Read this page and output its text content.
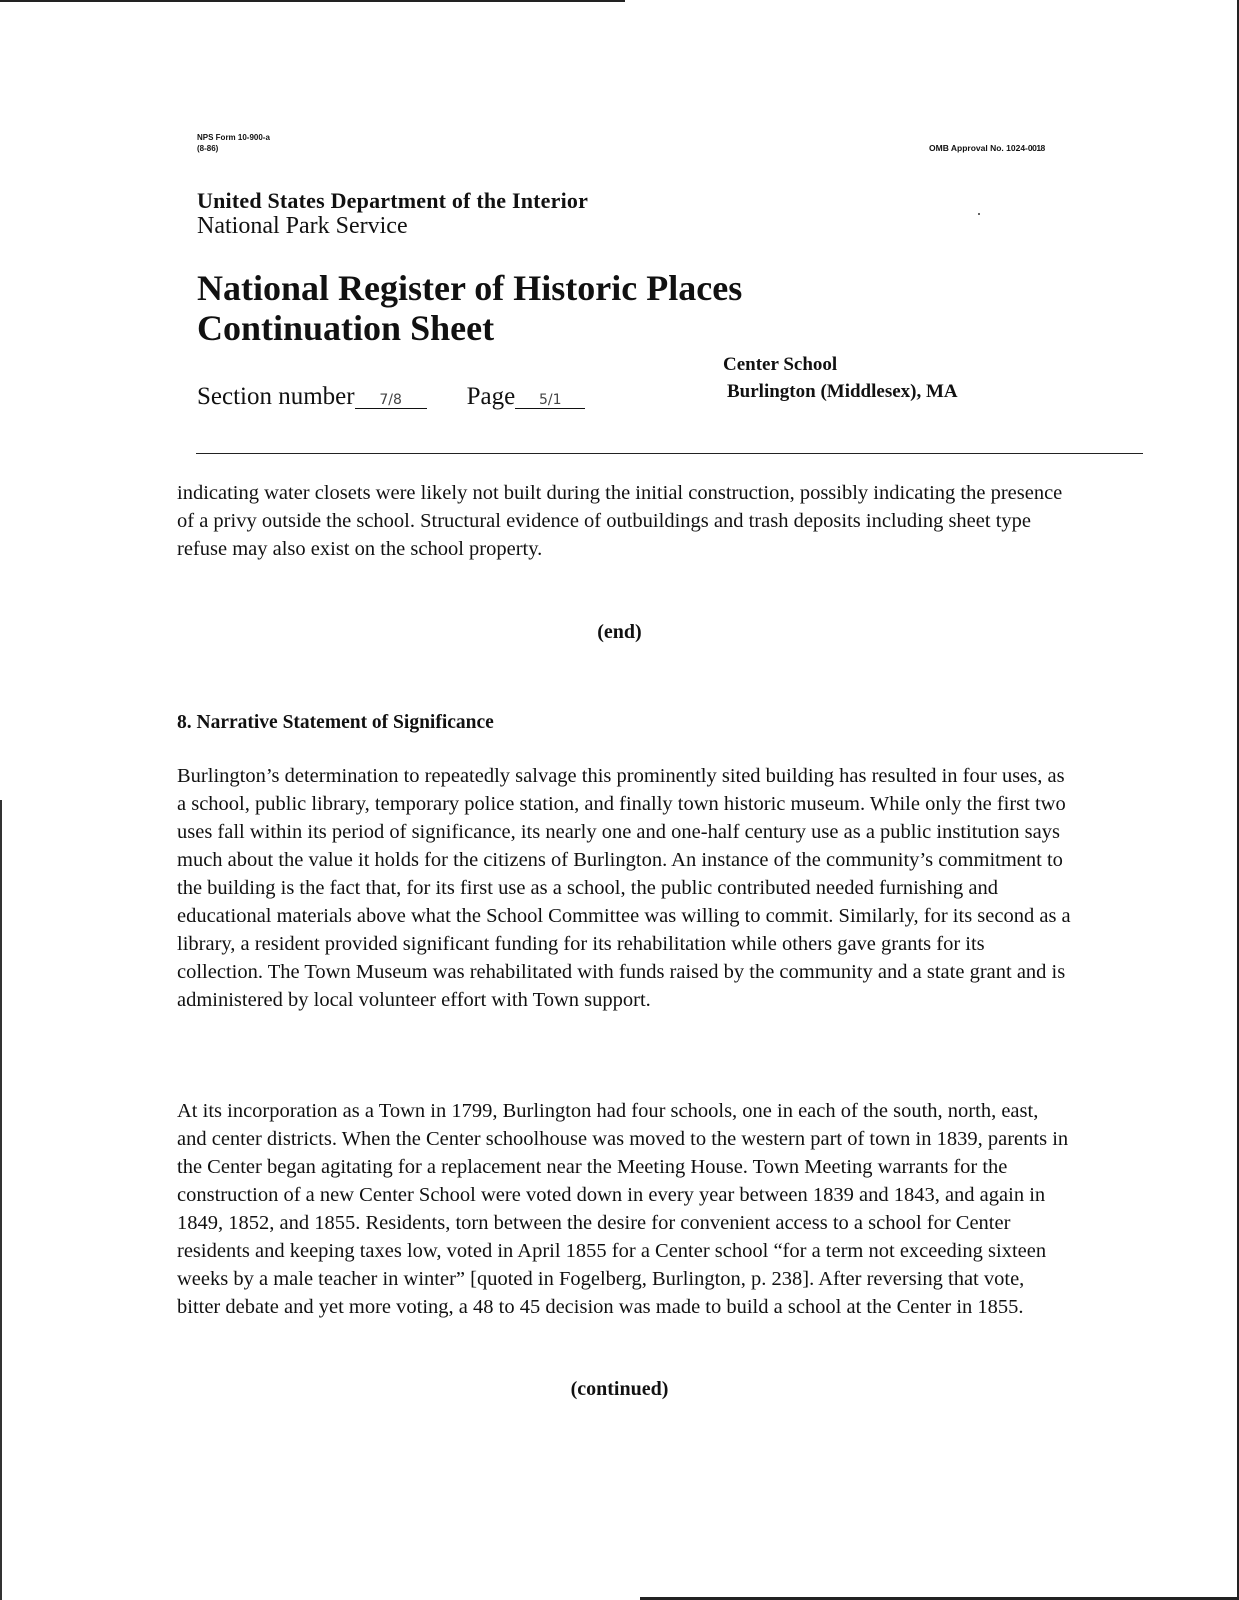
NPS Form 10-900-a
(8-86)	OMB Approval No. 1024-0018
United States Department of the Interior
National Park Service
National Register of Historic Places
Continuation Sheet
Center School
Burlington (Middlesex), MA
Section number 7/8	Page 5/1

indicating water closets were likely not built during the initial construction, possibly indicating the presence of a privy outside the school. Structural evidence of outbuildings and trash deposits including sheet type refuse may also exist on the school property.

(end)
8. Narrative Statement of Significance

Burlington’s determination to repeatedly salvage this prominently sited building has resulted in four uses, as a school, public library, temporary police station, and finally town historic museum. While only the first two uses fall within its period of significance, its nearly one and one-half century use as a public institution says much about the value it holds for the citizens of Burlington. An instance of the community’s commitment to the building is the fact that, for its first use as a school, the public contributed needed furnishing and educational materials above what the School Committee was willing to commit. Similarly, for its second as a library, a resident provided significant funding for its rehabilitation while others gave grants for its collection. The Town Museum was rehabilitated with funds raised by the community and a state grant and is administered by local volunteer effort with Town support.

At its incorporation as a Town in 1799, Burlington had four schools, one in each of the south, north, east, and center districts. When the Center schoolhouse was moved to the western part of town in 1839, parents in the Center began agitating for a replacement near the Meeting House. Town Meeting warrants for the construction of a new Center School were voted down in every year between 1839 and 1843, and again in 1849, 1852, and 1855. Residents, torn between the desire for convenient access to a school for Center residents and keeping taxes low, voted in April 1855 for a Center school “for a term not exceeding sixteen weeks by a male teacher in winter” [quoted in Fogelberg, Burlington, p. 238]. After reversing that vote, bitter debate and yet more voting, a 48 to 45 decision was made to build a school at the Center in 1855.

(continued)
